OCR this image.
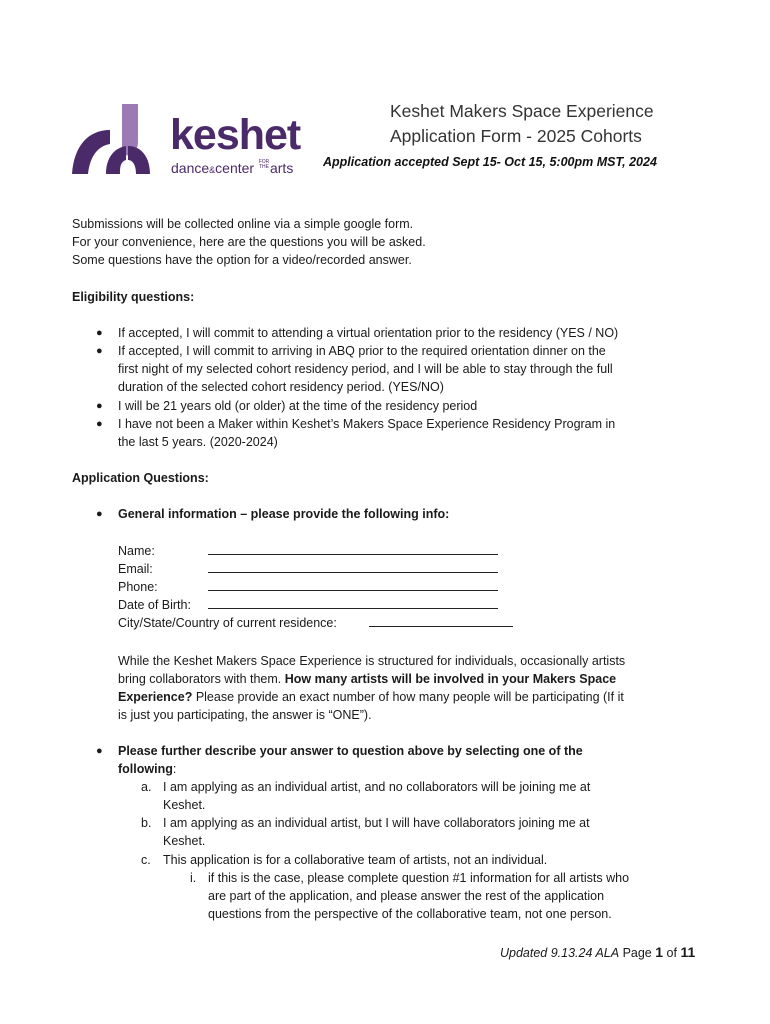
keshet
dance&center FOR
THEarts
Keshet Makers Space Experience
Application Form - 2025 Cohorts
Application accepted Sept 15- Oct 15, 5:00pm MST, 2024
Submissions will be collected online via a simple google form.
For your convenience, here are the questions you will be asked.
Some questions have the option for a video/recorded answer.
Eligibility questions:
● If accepted, I will commit to attending a virtual orientation prior to the residency (YES / NO)
● If accepted, I will commit to arriving in ABQ prior to the required orientation dinner on the
first night of my selected cohort residency period, and I will be able to stay through the full
duration of the selected cohort residency period. (YES/NO)
● I will be 21 years old (or older) at the time of the residency period
● I have not been a Maker within Keshet’s Makers Space Experience Residency Program in
the last 5 years. (2020-2024)
Application Questions:
● General information – please provide the following info:
Name:
Email:
Phone:
Date of Birth:
City/State/Country of current residence:
While the Keshet Makers Space Experience is structured for individuals, occasionally artists
bring collaborators with them. How many artists will be involved in your Makers Space
Experience? Please provide an exact number of how many people will be participating (If it
is just you participating, the answer is “ONE”).
● Please further describe your answer to question above by selecting one of the
following:
a. I am applying as an individual artist, and no collaborators will be joining me at
Keshet.
b. I am applying as an individual artist, but I will have collaborators joining me at
Keshet.
c. This application is for a collaborative team of artists, not an individual.
i. if this is the case, please complete question #1 information for all artists who
are part of the application, and please answer the rest of the application
questions from the perspective of the collaborative team, not one person.
Updated 9.13.24 ALA Page 1 of 11
